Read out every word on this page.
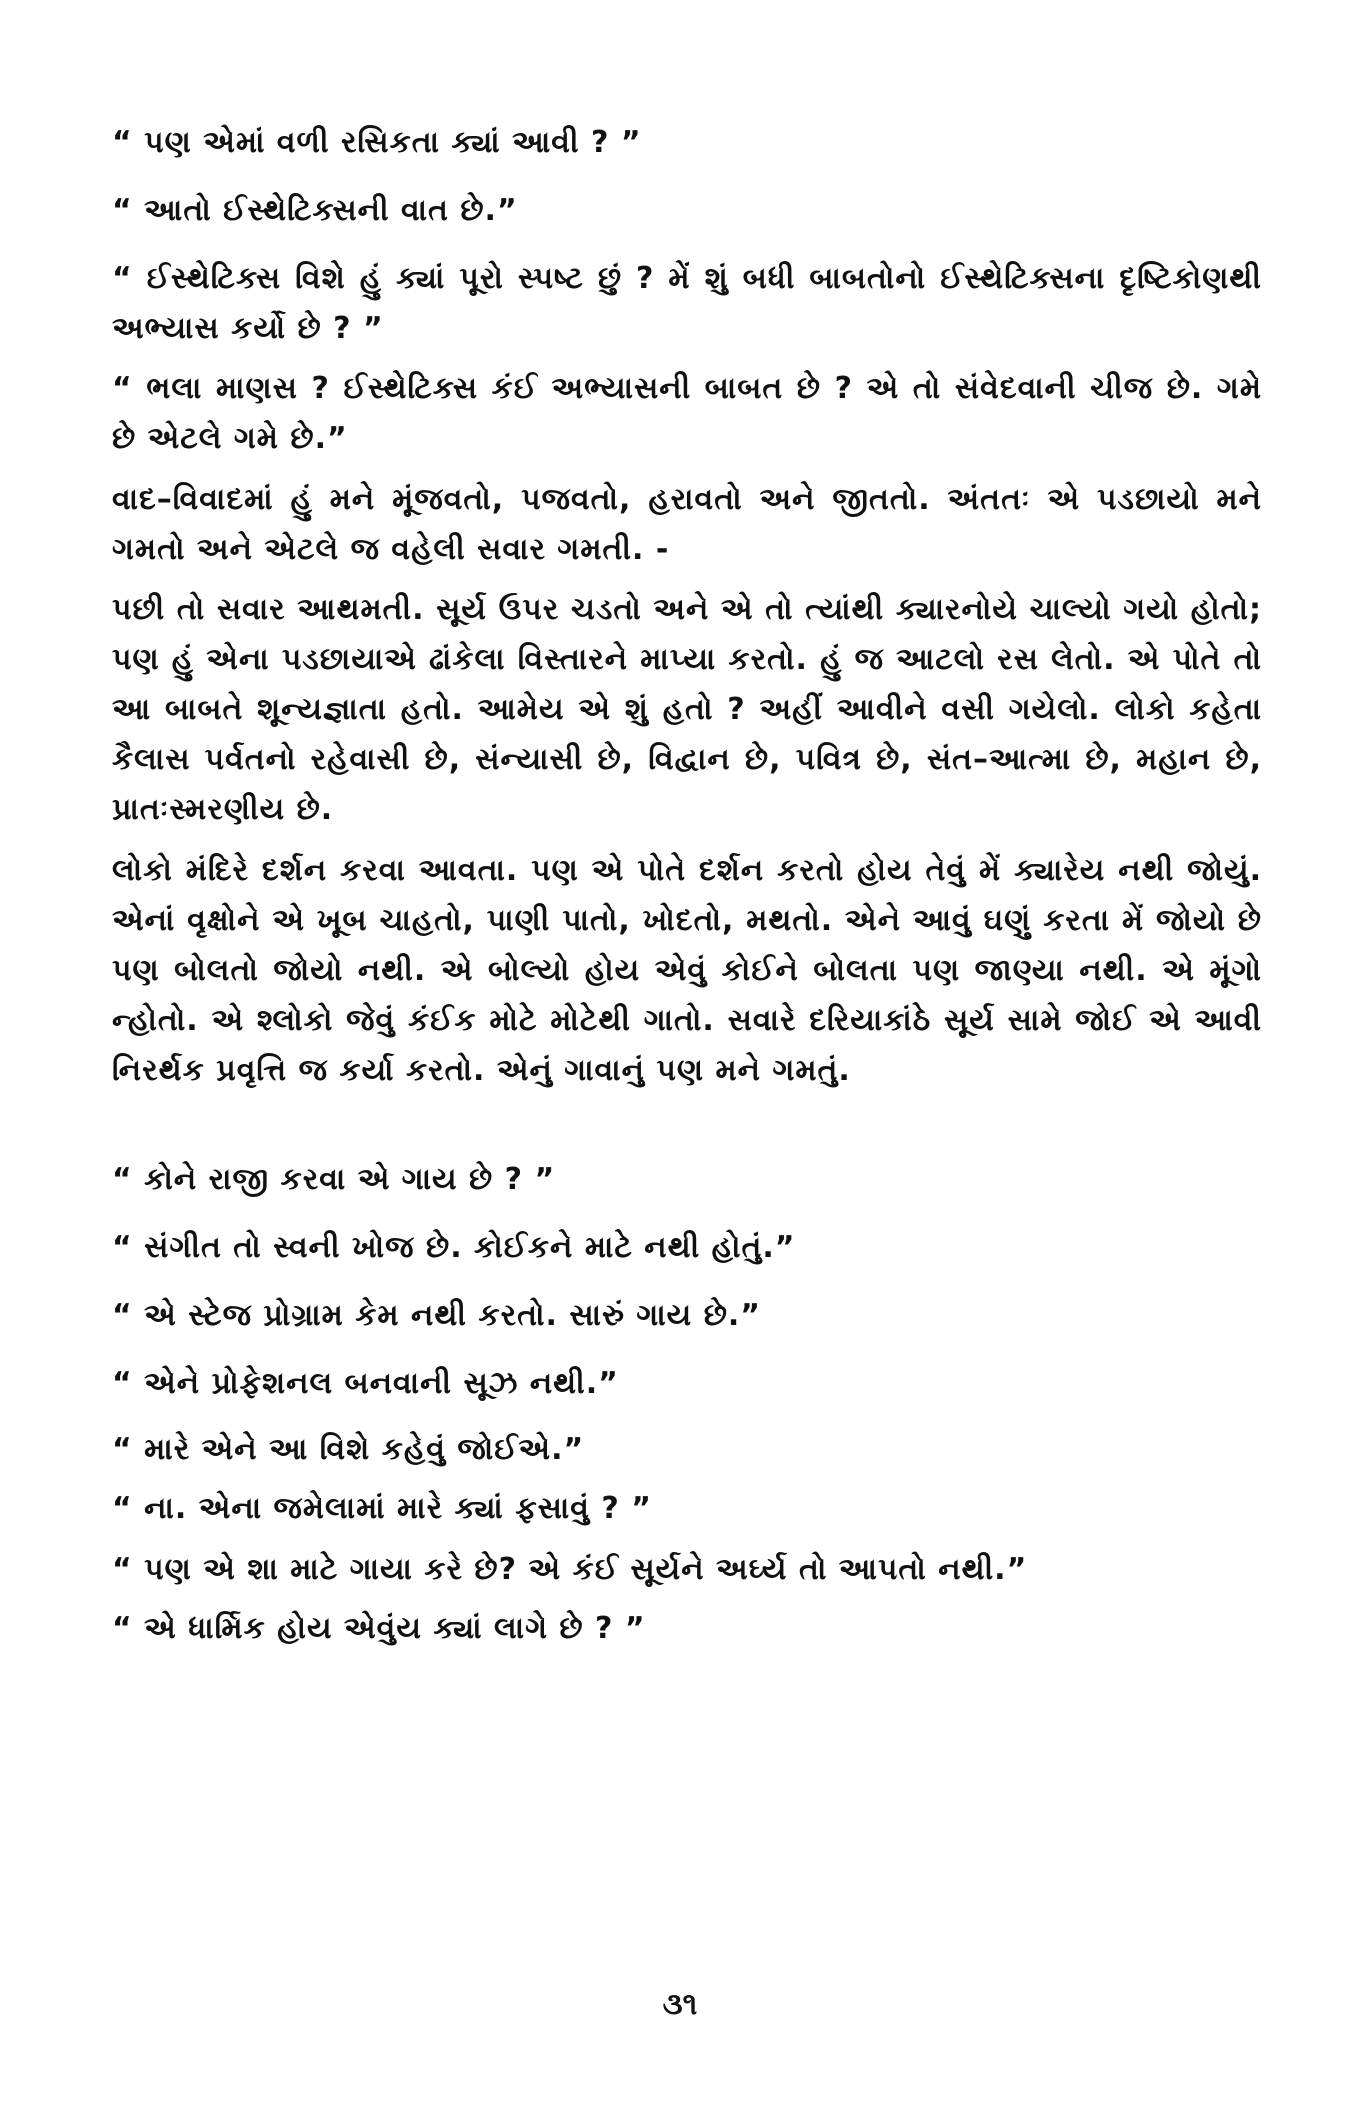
“ પણ એમાં વળી રસિકતા ક્યાં આવી ? ”

“ આતો ઈસ્થેટિક્સની વાત છે.”

“ ઈસ્થેટિક્સ વિશે હું ક્યાં પૂરો સ્પષ્ટ છું ? મેં શું બધી બાબતોનો ઈસ્થેટિક્સના દૃષ્ટિકોણથી અભ્યાસ કર્યો છે ? ”

“ ભલા માણસ ? ઈસ્થેટિક્સ કંઈ અભ્યાસની બાબત છે ? એ તો સંવેદવાની ચીજ છે. ગમે છે એટલે ગમે છે.”

વાદ–વિવાદમાં હું મને મૂંજવતો, પજવતો, હરાવતો અને જીતતો. અંતતઃ એ પડછાયો મને ગમતો અને એટલે જ વહેલી સવાર ગમતી. -

પછી તો સવાર આથમતી. સૂર્ય ઉપર ચડતો અને એ તો ત્યાંથી ક્યારનોયે ચાલ્યો ગયો હોતો; પણ હું એના પડછાયાએ ઢાંકેલા વિસ્તારને માપ્યા કરતો. હું જ આટલો રસ લેતો. એ પોતે તો આ બાબતે શૂન્યજ્ઞાતા હતો. આમેય એ શું હતો ? અહીં આવીને વસી ગયેલો. લોકો કહેતા કૈલાસ પર્વતનો રહેવાસી છે, સંન્યાસી છે, વિદ્વાન છે, પવિત્ર છે, સંત–આત્મા છે, મહાન છે, પ્રાતઃસ્મરણીય છે.

લોકો મંદિરે દર્શન કરવા આવતા. પણ એ પોતે દર્શન કરતો હોય તેવું મેં ક્યારેય નથી જોયું. એનાં વૃક્ષોને એ ખૂબ ચાહતો, પાણી પાતો, ખોદતો, મથતો. એને આવું ઘણું કરતા મેં જોયો છે પણ બોલતો જોયો નથી. એ બોલ્યો હોય એવું કોઈને બોલતા પણ જાણ્યા નથી. એ મૂંગો ન્હોતો. એ શ્લોકો જેવું કંઈક મોટે મોટેથી ગાતો. સવારે દરિયાકાંઠે સૂર્ય સામે જોઈ એ આવી નિરર્થક પ્રવૃત્તિ જ કર્યા કરતો. એનું ગાવાનું પણ મને ગમતું.

“ કોને રાજી કરવા એ ગાય છે ? ”

“ સંગીત તો સ્વની ખોજ છે. કોઈકને માટે નથી હોતું.”

“ એ સ્ટેજ પ્રોગ્રામ કેમ નથી કરતો. સારું ગાય છે.”

“ એને પ્રોફેશનલ બનવાની સૂઝ નથી.”

“ મારે એને આ વિશે કહેવું જોઈએ.”

“ ના. એના જમેલામાં મારે ક્યાં ફસાવું ? ”

“ પણ એ શા માટે ગાયા કરે છે? એ કંઈ સૂર્યને અર્ઘ્ય તો આપતો નથી.”

“ એ ધાર્મિક હોય એવુંય ક્યાં લાગે છે ? ”

૩૧
